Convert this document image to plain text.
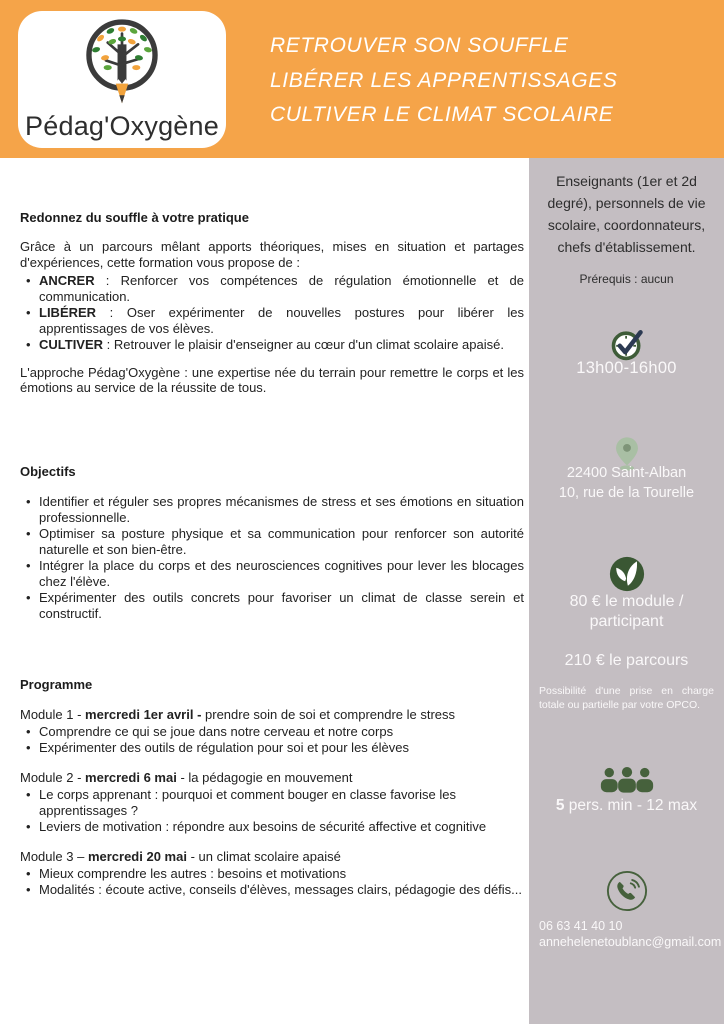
Pédag'Oxygène
RETROUVER SON SOUFFLE
LIBÉRER LES APPRENTISSAGES
CULTIVER LE CLIMAT SCOLAIRE
Redonnez du souffle à votre pratique

Grâce à un parcours mêlant apports théoriques, mises en situation et partages d'expériences, cette formation vous propose de :

• ANCRER : Renforcer vos compétences de régulation émotionnelle et de communication.
• LIBÉRER : Oser expérimenter de nouvelles postures pour libérer les apprentissages de vos élèves.
• CULTIVER : Retrouver le plaisir d'enseigner au cœur d'un climat scolaire apaisé.

L'approche Pédag'Oxygène : une expertise née du terrain pour remettre le corps et les émotions au service de la réussite de tous.

Objectifs
• Identifier et réguler ses propres mécanismes de stress et ses émotions en situation professionnelle.
• Optimiser sa posture physique et sa communication pour renforcer son autorité naturelle et son bien-être.
• Intégrer la place du corps et des neurosciences cognitives pour lever les blocages chez l'élève.
• Expérimenter des outils concrets pour favoriser un climat de classe serein et constructif.
Programme

Module 1 - mercredi 1er avril - prendre soin de soi et comprendre le stress

• Comprendre ce qui se joue dans notre cerveau et notre corps
• Expérimenter des outils de régulation pour soi et pour les élèves

Module 2 - mercredi 6 mai - la pédagogie en mouvement

• Le corps apprenant : pourquoi et comment bouger en classe favorise les apprentissages ?
• Leviers de motivation : répondre aux besoins de sécurité affective et cognitive

Module 3 – mercredi 20 mai - un climat scolaire apaisé

• Mieux comprendre les autres : besoins et motivations
• Modalités : écoute active, conseils d'élèves, messages clairs, pédagogie des défis...
Enseignants (1er et 2d degré), personnels de vie scolaire, coordonnateurs, chefs d'établissement.
Prérequis : aucun
13h00-16h00
22400 Saint-Alban
10, rue de la Tourelle
80 € le module /
participant
210 € le parcours
Possibilité d'une prise en charge totale ou partielle par votre OPCO.
5 pers. min - 12 max
06 63 41 40 10
annehelenetoublanc@gmail.com
